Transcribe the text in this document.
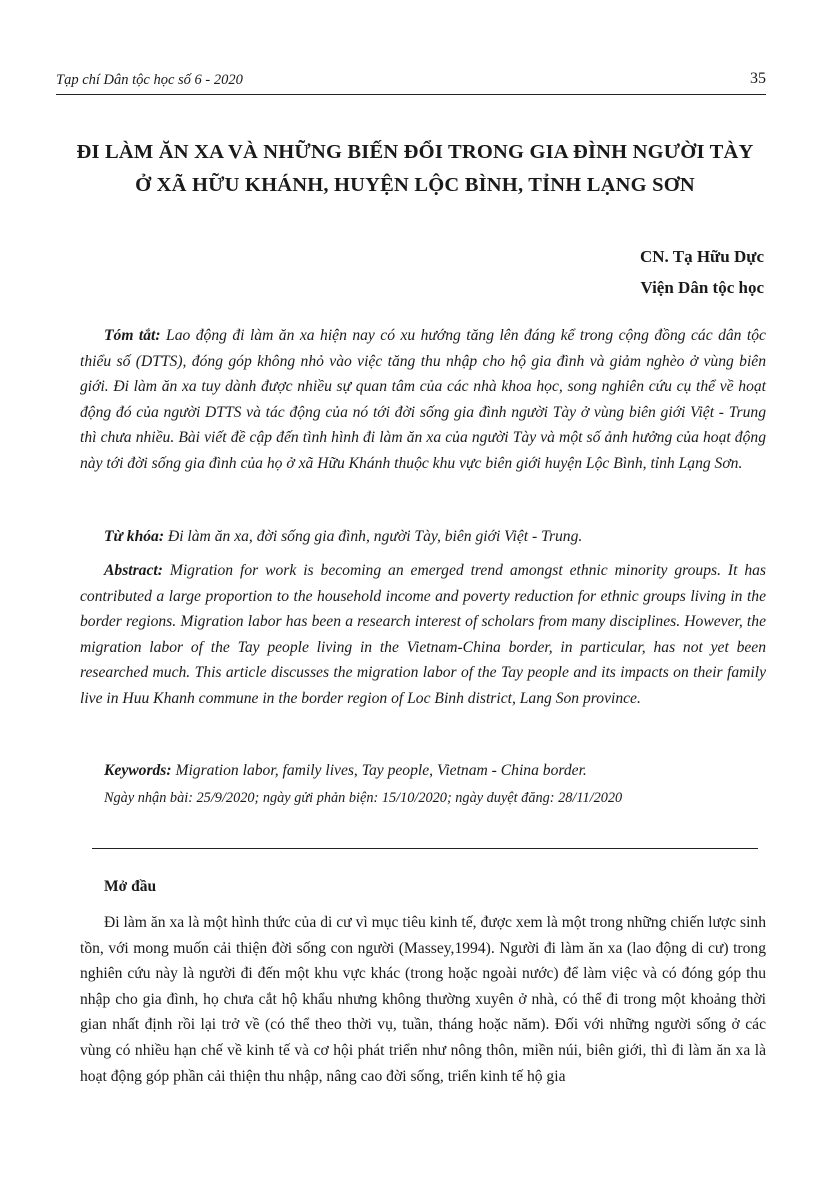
Tạp chí Dân tộc học số 6 - 2020	35
ĐI LÀM ĂN XA VÀ NHỮNG BIẾN ĐỔI TRONG GIA ĐÌNH NGƯỜI TÀY Ở XÃ HỮU KHÁNH, HUYỆN LỘC BÌNH, TỈNH LẠNG SƠN
CN. Tạ Hữu Dực
Viện Dân tộc học

Tóm tắt: Lao động đi làm ăn xa hiện nay có xu hướng tăng lên đáng kể trong cộng đồng các dân tộc thiểu số (DTTS), đóng góp không nhỏ vào việc tăng thu nhập cho hộ gia đình và giảm nghèo ở vùng biên giới. Đi làm ăn xa tuy dành được nhiều sự quan tâm của các nhà khoa học, song nghiên cứu cụ thể về hoạt động đó của người DTTS và tác động của nó tới đời sống gia đình người Tày ở vùng biên giới Việt - Trung thì chưa nhiều. Bài viết đề cập đến tình hình đi làm ăn xa của người Tày và một số ảnh hưởng của hoạt động này tới đời sống gia đình của họ ở xã Hữu Khánh thuộc khu vực biên giới huyện Lộc Bình, tỉnh Lạng Sơn.

Từ khóa: Đi làm ăn xa, đời sống gia đình, người Tày, biên giới Việt - Trung.

Abstract: Migration for work is becoming an emerged trend amongst ethnic minority groups. It has contributed a large proportion to the household income and poverty reduction for ethnic groups living in the border regions. Migration labor has been a research interest of scholars from many disciplines. However, the migration labor of the Tay people living in the Vietnam-China border, in particular, has not yet been researched much. This article discusses the migration labor of the Tay people and its impacts on their family live in Huu Khanh commune in the border region of Loc Binh district, Lang Son province.

Keywords: Migration labor, family lives, Tay people, Vietnam - China border.

Ngày nhận bài: 25/9/2020; ngày gửi phản biện: 15/10/2020; ngày duyệt đăng: 28/11/2020
Mở đầu

Đi làm ăn xa là một hình thức của di cư vì mục tiêu kinh tế, được xem là một trong những chiến lược sinh tồn, với mong muốn cải thiện đời sống con người (Massey,1994). Người đi làm ăn xa (lao động di cư) trong nghiên cứu này là người đi đến một khu vực khác (trong hoặc ngoài nước) để làm việc và có đóng góp thu nhập cho gia đình, họ chưa cắt hộ khẩu nhưng không thường xuyên ở nhà, có thể đi trong một khoảng thời gian nhất định rồi lại trở về (có thể theo thời vụ, tuần, tháng hoặc năm). Đối với những người sống ở các vùng có nhiều hạn chế về kinh tế và cơ hội phát triển như nông thôn, miền núi, biên giới, thì đi làm ăn xa là hoạt động góp phần cải thiện thu nhập, nâng cao đời sống, triển kinh tế hộ gia
